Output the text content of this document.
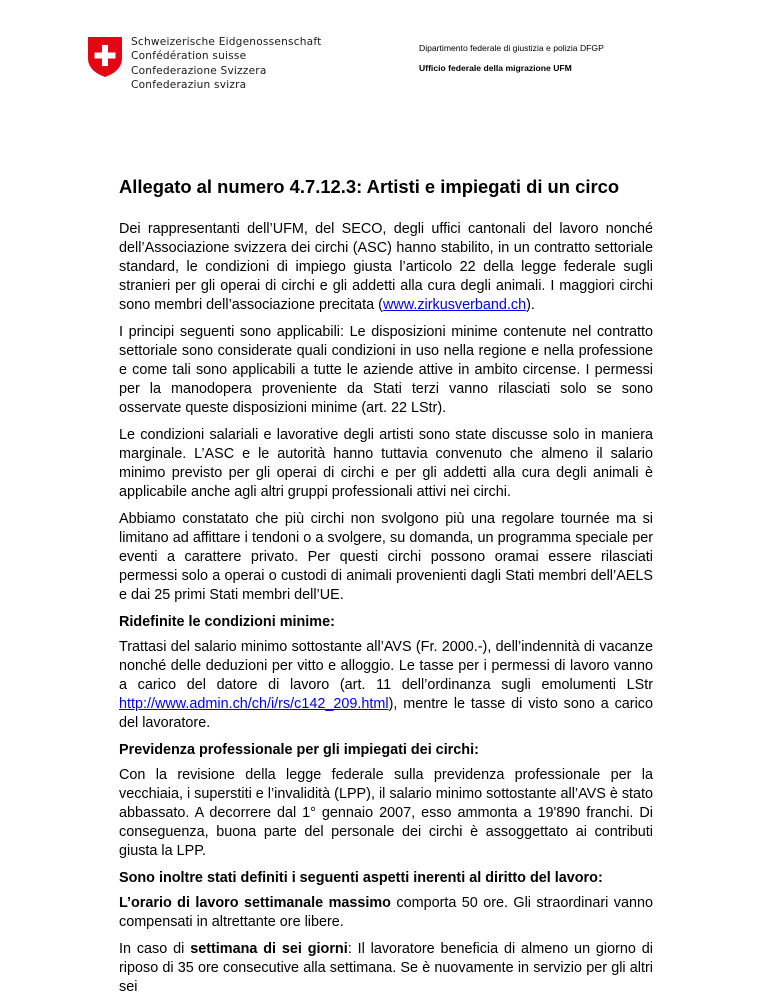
Schweizerische Eidgenossenschaft
Confédération suisse
Confederazione Svizzera
Confederaziun svizra
Dipartimento federale di giustizia e polizia DFGP
Ufficio federale della migrazione UFM
Allegato al numero 4.7.12.3: Artisti e impiegati di un circo

Dei rappresentanti dell’UFM, del SECO, degli uffici cantonali del lavoro nonché dell’Associazione svizzera dei circhi (ASC) hanno stabilito, in un contratto settoriale standard, le condizioni di impiego giusta l’articolo 22 della legge federale sugli stranieri per gli operai di circhi e gli addetti alla cura degli animali. I maggiori circhi sono membri dell’associazione precitata (www.zirkusverband.ch).

I principi seguenti sono applicabili: Le disposizioni minime contenute nel contratto settoriale sono considerate quali condizioni in uso nella regione e nella professione e come tali sono applicabili a tutte le aziende attive in ambito circense. I permessi per la manodopera proveniente da Stati terzi vanno rilasciati solo se sono osservate queste disposizioni minime (art. 22 LStr).

Le condizioni salariali e lavorative degli artisti sono state discusse solo in maniera marginale. L’ASC e le autorità hanno tuttavia convenuto che almeno il salario minimo previsto per gli operai di circhi e per gli addetti alla cura degli animali è applicabile anche agli altri gruppi professionali attivi nei circhi.

Abbiamo constatato che più circhi non svolgono più una regolare tournée ma si limitano ad affittare i tendoni o a svolgere, su domanda, un programma speciale per eventi a carattere privato. Per questi circhi possono oramai essere rilasciati permessi solo a operai o custodi di animali provenienti dagli Stati membri dell’AELS e dai 25 primi Stati membri dell’UE.

Ridefinite le condizioni minime:

Trattasi del salario minimo sottostante all’AVS (Fr. 2000.-), dell’indennità di vacanze nonché delle deduzioni per vitto e alloggio. Le tasse per i permessi di lavoro vanno a carico del datore di lavoro (art. 11 dell’ordinanza sugli emolumenti LStr http://www.admin.ch/ch/i/rs/c142_209.html), mentre le tasse di visto sono a carico del lavoratore.

Previdenza professionale per gli impiegati dei circhi:

Con la revisione della legge federale sulla previdenza professionale per la vecchiaia, i superstiti e l’invalidità (LPP), il salario minimo sottostante all’AVS è stato abbassato. A decorrere dal 1° gennaio 2007, esso ammonta a 19'890 franchi. Di conseguenza, buona parte del personale dei circhi è assoggettato ai contributi giusta la LPP.

Sono inoltre stati definiti i seguenti aspetti inerenti al diritto del lavoro:

L’orario di lavoro settimanale massimo comporta 50 ore. Gli straordinari vanno compensati in altrettante ore libere.

In caso di settimana di sei giorni: Il lavoratore beneficia di almeno un giorno di riposo di 35 ore consecutive alla settimana. Se è nuovamente in servizio per gli altri sei
